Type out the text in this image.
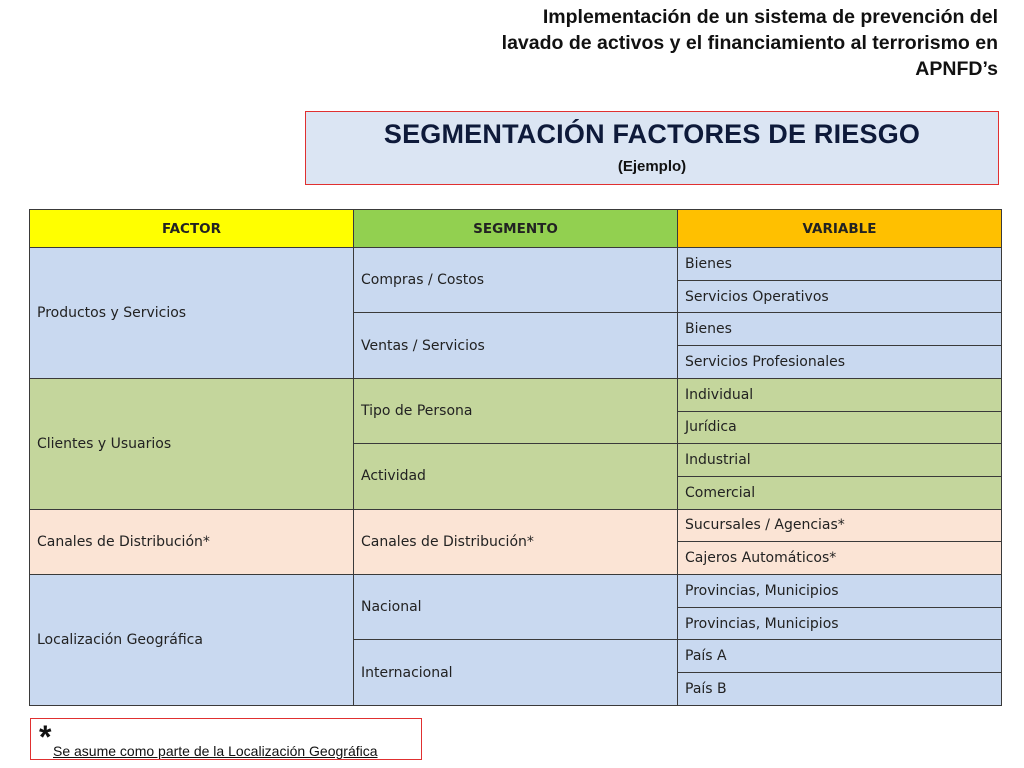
Implementación de un sistema de prevención del
lavado de activos y el financiamiento al terrorismo en
APNFD’s
SEGMENTACIÓN FACTORES DE RIESGO
(Ejemplo)
FACTOR	SEGMENTO	VARIABLE
Productos y Servicios	Compras / Costos	Bienes
		Servicios Operativos
	Ventas / Servicios	Bienes
		Servicios Profesionales
Clientes y Usuarios	Tipo de Persona	Individual
		Jurídica
	Actividad	Industrial
		Comercial
Canales de Distribución*	Canales de Distribución*	Sucursales / Agencias*
		Cajeros Automáticos*
Localización Geográfica	Nacional	Provincias, Municipios
		Provincias, Municipios
	Internacional	País A
		País B
* Se asume como parte de la Localización Geográfica
